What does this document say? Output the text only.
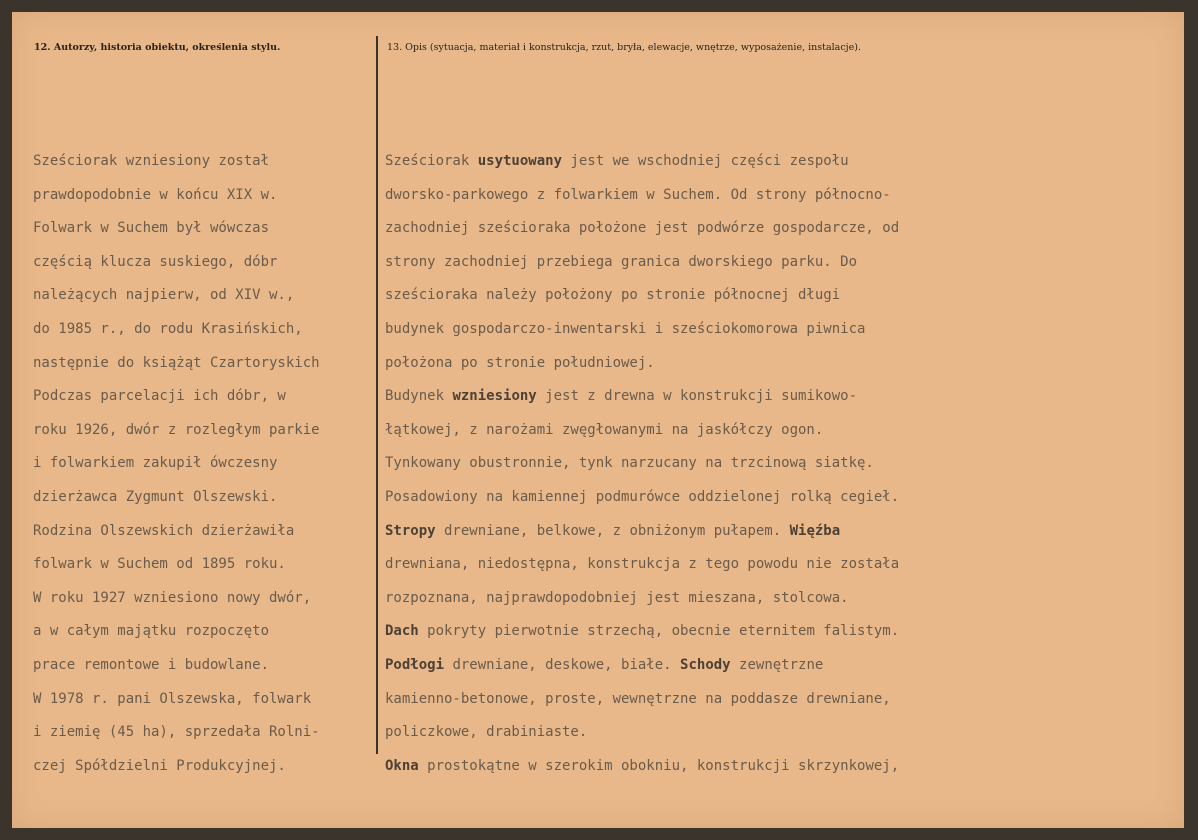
12. Autorzy, historia obiektu, określenia stylu.	13. Opis (sytuacja, materiał i konstrukcja, rzut, bryła, elewacje, wnętrze, wyposażenie, instalacje).
Sześciorak wzniesiony został
prawdopodobnie w końcu XIX w.
Folwark w Suchem był wówczas
częścią klucza suskiego, dóbr
należących najpierw, od XIV w.,
do 1985 r., do rodu Krasińskich,
następnie do książąt Czartoryskich
Podczas parcelacji ich dóbr, w
roku 1926, dwór z rozległym parkie
i folwarkiem zakupił ówczesny
dzierżawca Zygmunt Olszewski.
Rodzina Olszewskich dzierżawiła
folwark w Suchem od 1895 roku.
W roku 1927 wzniesiono nowy dwór,
a w całym majątku rozpoczęto
prace remontowe i budowlane.
W 1978 r. pani Olszewska, folwark
i ziemię (45 ha), sprzedała Rolni-
czej Spółdzielni Produkcyjnej.
Sześciorak usytuowany jest we wschodniej części zespołu
dworsko-parkowego z folwarkiem w Suchem. Od strony północno-
zachodniej sześcioraka położone jest podwórze gospodarcze, od
strony zachodniej przebiega granica dworskiego parku. Do
sześcioraka należy położony po stronie północnej długi
budynek gospodarczo-inwentarski i sześciokomorowa piwnica
położona po stronie południowej.
Budynek wzniesiony jest z drewna w konstrukcji sumikowo-
łątkowej, z narożami zwęgłowanymi na jaskółczy ogon.
Tynkowany obustronnie, tynk narzucany na trzcinową siatkę.
Posadowiony na kamiennej podmurówce oddzielonej rolką cegieł.
Stropy drewniane, belkowe, z obniżonym pułapem. Więźba
drewniana, niedostępna, konstrukcja z tego powodu nie została
rozpoznana, najprawdopodobniej jest mieszana, stolcowa.
Dach pokryty pierwotnie strzechą, obecnie eternitem falistym.
Podłogi drewniane, deskowe, białe. Schody zewnętrzne
kamienno-betonowe, proste, wewnętrzne na poddasze drewniane,
policzkowe, drabiniaste.
Okna prostokątne w szerokim obokniu, konstrukcji skrzynkowej,
